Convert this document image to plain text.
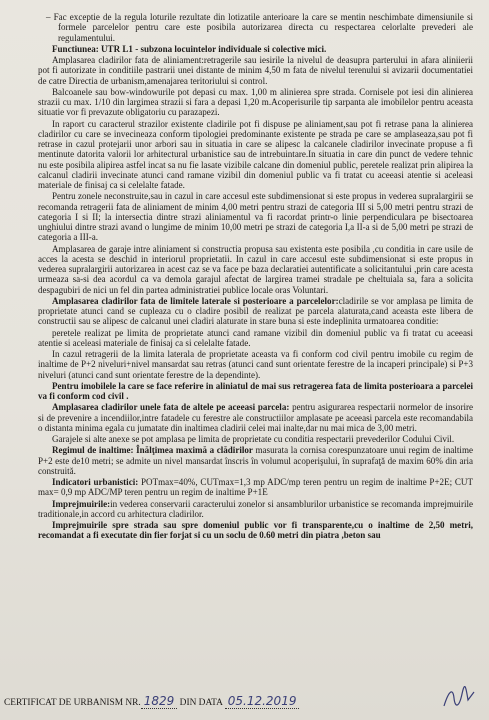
– Fac exceptie de la regula loturile rezultate din lotizatile anterioare la care se mentin neschimbate dimensiunile si formele parcelelor pentru care este posibila autorizarea directa cu respectarea celorlalte prevederi ale regulamentului.

Functiunea: UTR L1 - subzona locuintelor individuale si colective mici.

Amplasarea cladirilor fata de aliniament:retragerile sau iesirile la nivelul de deasupra parterului in afara aliniierii pot fi autorizate in conditiile pastrarii unei distante de minim 4,50 m fata de nivelul terenului si avizarii documentatiei de catre Directia de urbanism,amenajarea teritoriului si control.

Balcoanele sau bow-windowurile pot depasi cu max. 1,00 m alinierea spre strada. Cornisele pot iesi din alinierea strazii cu max. 1/10 din largimea strazii si fara a depasi 1,20 m.Acoperisurile tip sarpanta ale imobilelor pentru aceasta situatie vor fi prevazute obligatoriu cu parazapezi.

In raport cu caracterul strazilor existente cladirile pot fi dispuse pe aliniament,sau pot fi retrase pana la alinierea cladirilor cu care se invecineaza conform tipologiei predominante existente pe strada pe care se amplaseaza,sau pot fi retrase in cazul protejarii unor arbori sau in situatia in care se alipesc la calcanele cladirilor invecinate propuse a fi mentinute datorita valorii lor arhitectural urbanistice sau de intrebuintare.In situatia in care din punct de vedere tehnic nu este posibila alipirea astfel incat sa nu fie lasate vizibile calcane din domeniul public, peretele realizat prin alipirea la calcanul cladirii invecinate atunci cand ramane vizibil din domeniul public va fi tratat cu aceeasi atentie si aceleasi materiale de finisaj ca si celelalte fatade.

Pentru zonele neconstruite,sau in cazul in care accesul este subdimensionat si este propus in vederea supralargirii se recomanda retragerii fata de aliniament de minim 4,00 metri pentru strazi de categoria III si 5,00 metri pentru strazi de categoria I si II; la intersectia dintre strazi aliniamentul va fi racordat printr-o linie perpendiculara pe bisectoarea unghiului dintre strazi avand o lungime de minim 10,00 metri pe strazi de categoria I,a II-a si de 5,00 metri pe strazi de categoria a III-a.

Amplasarea de garaje intre aliniament si constructia propusa sau existenta este posibila ,cu conditia in care usile de acces la acesta se deschid in interiorul proprietatii. In cazul in care accesul este subdimensionat si este propus in vederea supralargirii autorizarea in acest caz se va face pe baza declaratiei autentificate a solicitantului ,prin care acesta urmeaza sa-si dea acordul ca va demola garajul afectat de largirea tramei stradale pe cheltuiala sa, fara a solicita despagubiri de nici un fel din partea administratiei publice locale oras Voluntari.

Amplasarea cladirilor fata de limitele laterale si posterioare a parcelelor:cladirile se vor amplasa pe limita de proprietate atunci cand se cupleaza cu o cladire posibil de realizat pe parcela alaturata,cand aceasta este libera de constructii sau se alipesc de calcanul unei cladiri alaturate in stare buna si este indeplinita urmatoarea conditie:

peretele realizat pe limita de proprietate atunci cand ramane vizibil din domeniul public va fi tratat cu aceeasi atentie si aceleasi materiale de finisaj ca si celelalte fatade.

In cazul retragerii de la limita laterala de proprietate aceasta va fi conform cod civil pentru imobile cu regim de inaltime de P+2 niveluri+nivel mansardat sau retras (atunci cand sunt orientate ferestre de la incaperi principale) si P+3 niveluri (atunci cand sunt orientate ferestre de la dependinte).

Pentru imobilele la care se face referire in aliniatul de mai sus retragerea fata de limita posterioara a parcelei va fi conform cod civil .

Amplasarea cladirilor unele fata de altele pe aceeasi parcela: pentru asigurarea respectarii normelor de insorire si de prevenire a incendiilor,intre fatadele cu ferestre ale constructiilor amplasate pe aceeasi parcela este recomandabila o distanta minima egala cu jumatate din inaltimea cladirii celei mai inalte,dar nu mai mica de 3,00 metri.

Garajele si alte anexe se pot amplasa pe limita de proprietate cu conditia respectarii prevederilor Codului Civil.

Regimul de inaltime: Înălţimea maximă a clădirilor masurata la cornisa corespunzatoare unui regim de inaltime P+2 este de10 metri; se admite un nivel mansardat înscris în volumul acoperişului, în suprafaţă de maxim 60% din aria construită.

Indicatori urbanistici: POTmax=40%, CUTmax=1,3 mp ADC/mp teren pentru un regim de inaltime P+2E; CUT max= 0,9 mp ADC/MP teren pentru un regim de inaltime P+1E

Imprejmuirile:in vederea conservarii caracterului zonelor si ansamblurilor urbanistice se recomanda imprejmuirile traditionale,in accord cu arhitectura cladirilor.

Imprejmuirile spre strada sau spre domeniul public vor fi transparente,cu o inaltime de 2,50 metri, recomandat a fi executate din fier forjat si cu un soclu de 0.60 metri din piatra ,beton sau

CERTIFICAT DE URBANISM NR. 1829 DIN DATA 05.12.2019
